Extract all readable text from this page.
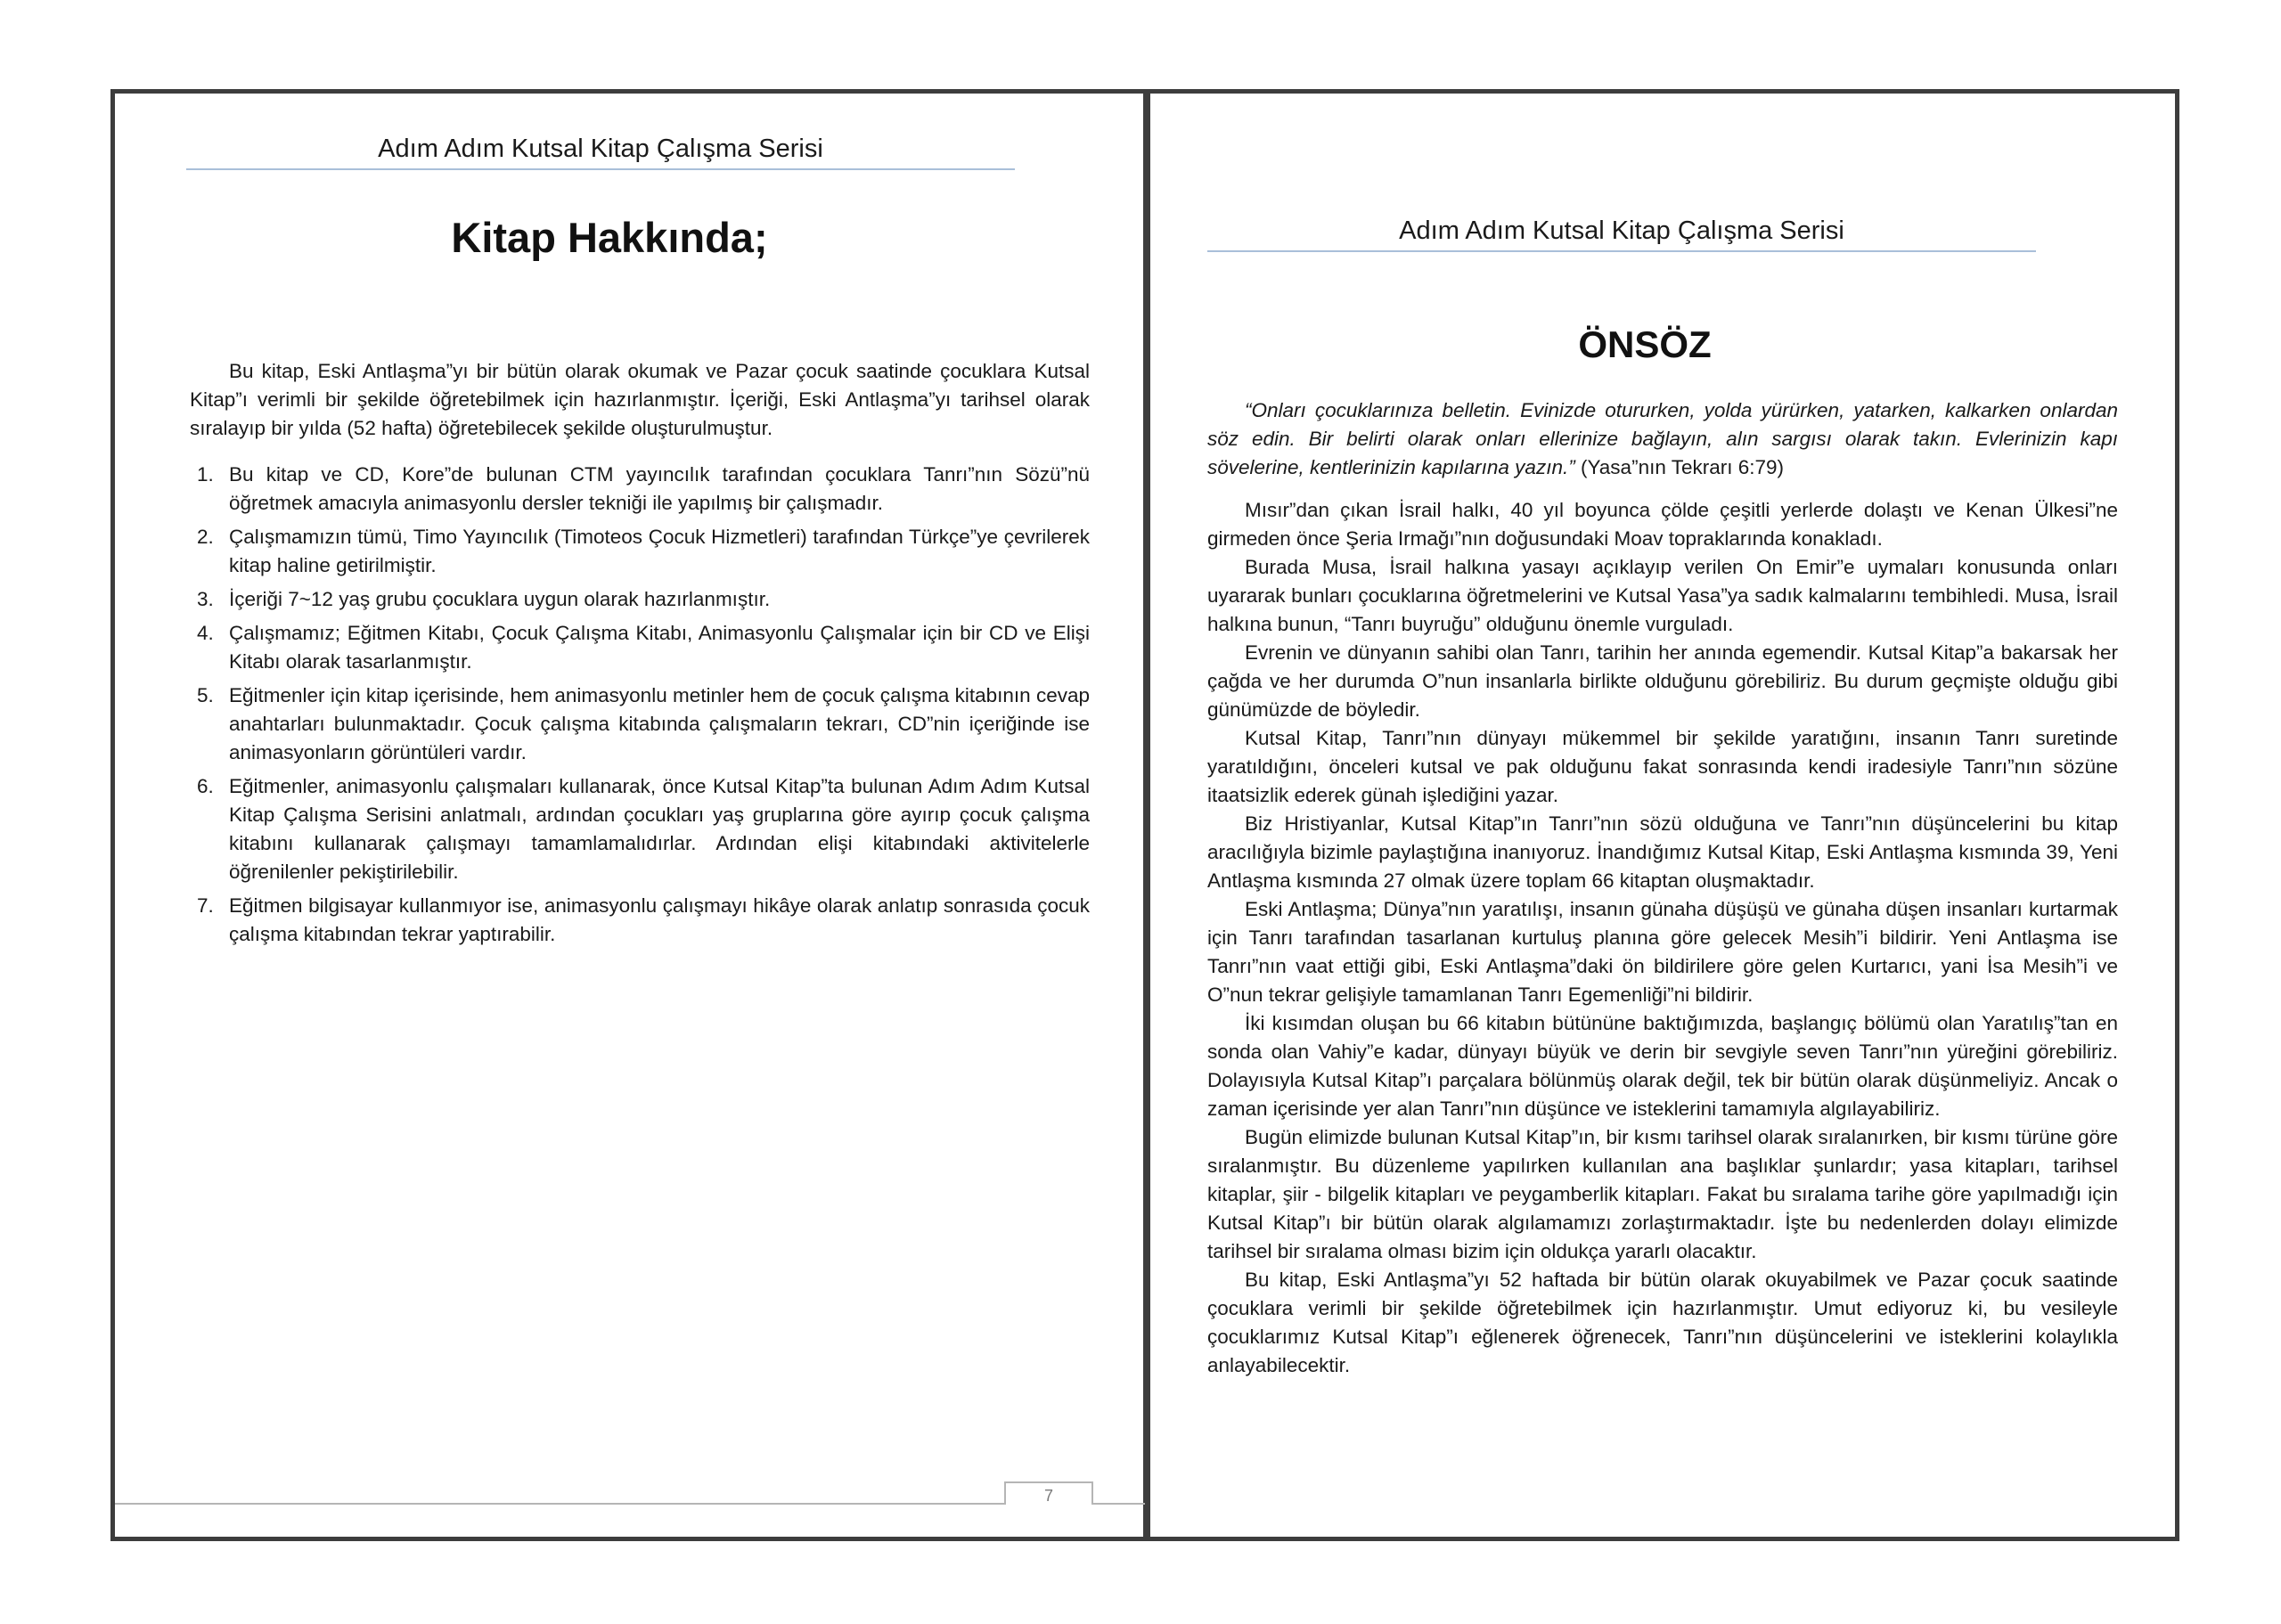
Adım Adım Kutsal Kitap Çalışma Serisi
Kitap Hakkında;

Bu kitap, Eski Antlaşma”yı bir bütün olarak okumak ve Pazar çocuk saatinde çocuklara Kutsal Kitap”ı verimli bir şekilde öğretebilmek için hazırlanmıştır. İçeriği, Eski Antlaşma”yı tarihsel olarak sıralayıp bir yılda (52 hafta) öğretebilecek şekilde oluşturulmuştur.

1. Bu kitap ve CD, Kore”de bulunan CTM yayıncılık tarafından çocuklara Tanrı”nın Sözü”nü öğretmek amacıyla animasyonlu dersler tekniği ile yapılmış bir çalışmadır.
2. Çalışmamızın tümü, Timo Yayıncılık (Timoteos Çocuk Hizmetleri) tarafından Türkçe”ye çevrilerek kitap haline getirilmiştir.
3. İçeriği 7~12 yaş grubu çocuklara uygun olarak hazırlanmıştır.
4. Çalışmamız; Eğitmen Kitabı, Çocuk Çalışma Kitabı, Animasyonlu Çalışmalar için bir CD ve Elişi Kitabı olarak tasarlanmıştır.
5. Eğitmenler için kitap içerisinde, hem animasyonlu metinler hem de çocuk çalışma kitabının cevap anahtarları bulunmaktadır. Çocuk çalışma kitabında çalışmaların tekrarı, CD”nin içeriğinde ise animasyonların görüntüleri vardır.
6. Eğitmenler, animasyonlu çalışmaları kullanarak, önce Kutsal Kitap”ta bulunan Adım Adım Kutsal Kitap Çalışma Serisini anlatmalı, ardından çocukları yaş gruplarına göre ayırıp çocuk çalışma kitabını kullanarak çalışmayı tamamlamalıdırlar. Ardından elişi kitabındaki aktivitelerle öğrenilenler pekiştirilebilir.
7. Eğitmen bilgisayar kullanmıyor ise, animasyonlu çalışmayı hikâye olarak anlatıp sonrasıda çocuk çalışma kitabından tekrar yaptırabilir.
7
Adım Adım Kutsal Kitap Çalışma Serisi
ÖNSÖZ

“Onları çocuklarınıza belletin. Evinizde otururken, yolda yürürken, yatarken, kalkarken onlardan söz edin. Bir belirti olarak onları ellerinize bağlayın, alın sargısı olarak takın. Evlerinizin kapı sövelerine, kentlerinizin kapılarına yazın.” (Yasa”nın Tekrarı 6:79)

Mısır”dan çıkan İsrail halkı, 40 yıl boyunca çölde çeşitli yerlerde dolaştı ve Kenan Ülkesi”ne girmeden önce Şeria Irmağı”nın doğusundaki Moav topraklarında konakladı.

Burada Musa, İsrail halkına yasayı açıklayıp verilen On Emir”e uymaları konusunda onları uyararak bunları çocuklarına öğretmelerini ve Kutsal Yasa”ya sadık kalmalarını tembihledi. Musa, İsrail halkına bunun, “Tanrı buyruğu” olduğunu önemle vurguladı.

Evrenin ve dünyanın sahibi olan Tanrı, tarihin her anında egemendir. Kutsal Kitap”a bakarsak her çağda ve her durumda O”nun insanlarla birlikte olduğunu görebiliriz. Bu durum geçmişte olduğu gibi günümüzde de böyledir.

Kutsal Kitap, Tanrı”nın dünyayı mükemmel bir şekilde yaratığını, insanın Tanrı suretinde yaratıldığını, önceleri kutsal ve pak olduğunu fakat sonrasında kendi iradesiyle Tanrı”nın sözüne itaatsizlik ederek günah işlediğini yazar.

Biz Hristiyanlar, Kutsal Kitap”ın Tanrı”nın sözü olduğuna ve Tanrı”nın düşüncelerini bu kitap aracılığıyla bizimle paylaştığına inanıyoruz. İnandığımız Kutsal Kitap, Eski Antlaşma kısmında 39, Yeni Antlaşma kısmında 27 olmak üzere toplam 66 kitaptan oluşmaktadır.

Eski Antlaşma; Dünya”nın yaratılışı, insanın günaha düşüşü ve günaha düşen insanları kurtarmak için Tanrı tarafından tasarlanan kurtuluş planına göre gelecek Mesih”i bildirir. Yeni Antlaşma ise Tanrı”nın vaat ettiği gibi, Eski Antlaşma”daki ön bildirilere göre gelen Kurtarıcı, yani İsa Mesih”i ve O”nun tekrar gelişiyle tamamlanan Tanrı Egemenliği”ni bildirir.

İki kısımdan oluşan bu 66 kitabın bütününe baktığımızda, başlangıç bölümü olan Yaratılış”tan en sonda olan Vahiy”e kadar, dünyayı büyük ve derin bir sevgiyle seven Tanrı”nın yüreğini görebiliriz. Dolayısıyla Kutsal Kitap”ı parçalara bölünmüş olarak değil, tek bir bütün olarak düşünmeliyiz. Ancak o zaman içerisinde yer alan Tanrı”nın düşünce ve isteklerini tamamıyla algılayabiliriz.

Bugün elimizde bulunan Kutsal Kitap”ın, bir kısmı tarihsel olarak sıralanırken, bir kısmı türüne göre sıralanmıştır. Bu düzenleme yapılırken kullanılan ana başlıklar şunlardır; yasa kitapları, tarihsel kitaplar, şiir - bilgelik kitapları ve peygamberlik kitapları. Fakat bu sıralama tarihe göre yapılmadığı için Kutsal Kitap”ı bir bütün olarak algılamamızı zorlaştırmaktadır. İşte bu nedenlerden dolayı elimizde tarihsel bir sıralama olması bizim için oldukça yararlı olacaktır.

Bu kitap, Eski Antlaşma”yı 52 haftada bir bütün olarak okuyabilmek ve Pazar çocuk saatinde çocuklara verimli bir şekilde öğretebilmek için hazırlanmıştır. Umut ediyoruz ki, bu vesileyle çocuklarımız Kutsal Kitap”ı eğlenerek öğrenecek, Tanrı”nın düşüncelerini ve isteklerini kolaylıkla anlayabilecektir.
